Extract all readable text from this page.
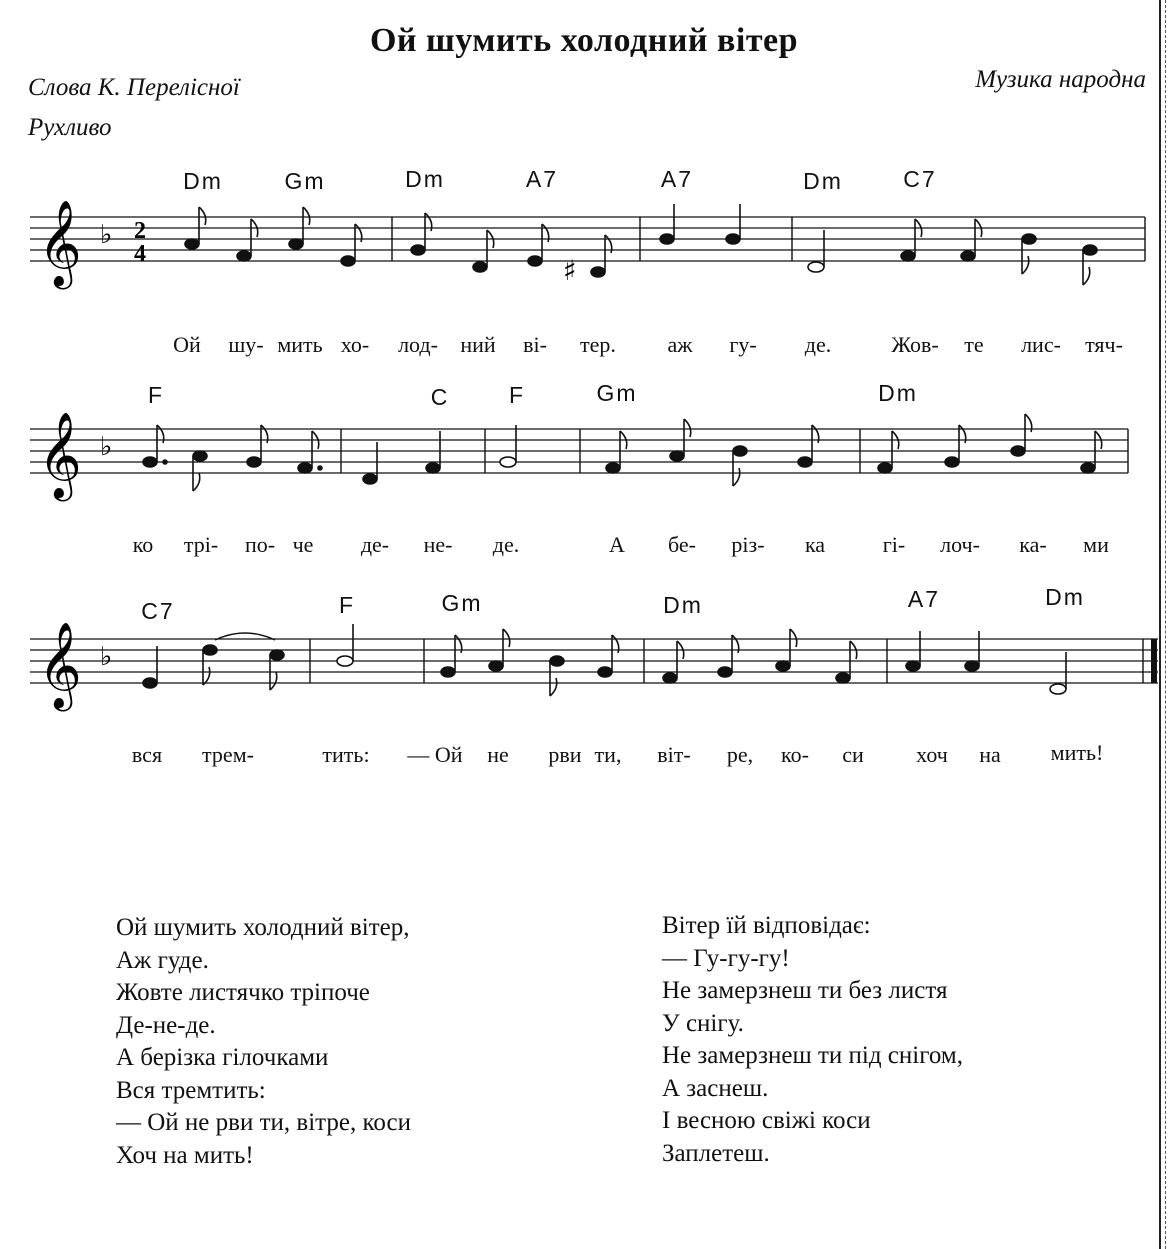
Ой шумить холодний вітер
Слова К. Перелісної	Музика народна
Рухливо
𝄞 ♭ 2
4	♯
Dm	Gm	Dm	A7	A7	Dm	C7
Ой шу- мить хо- лод- ний ві- тер. аж гу- де.	Жов- те лис- тяч-
𝄞 ♭
F	C	F	Gm	Dm
ко трі- по- че де- не- де.	А бе- різ- ка	гі- лоч- ка- ми
𝄞 ♭
C7	F	Gm	Dm	A7	Dm
вся трем-	тить: — Ой не рви ти, віт- ре, ко- си хоч на мить!
Ой шумить холодний вітер,
Аж гуде.
Жовте листячко тріпоче
Де-не-де.
А берізка гілочками
Вся тремтить:
— Ой не рви ти, вітре, коси
Хоч на мить!
Вітер їй відповідає:
— Гу-гу-гу!
Не замерзнеш ти без листя
У снігу.
Не замерзнеш ти під снігом,
А заснеш.
І весною свіжі коси
Заплетеш.
